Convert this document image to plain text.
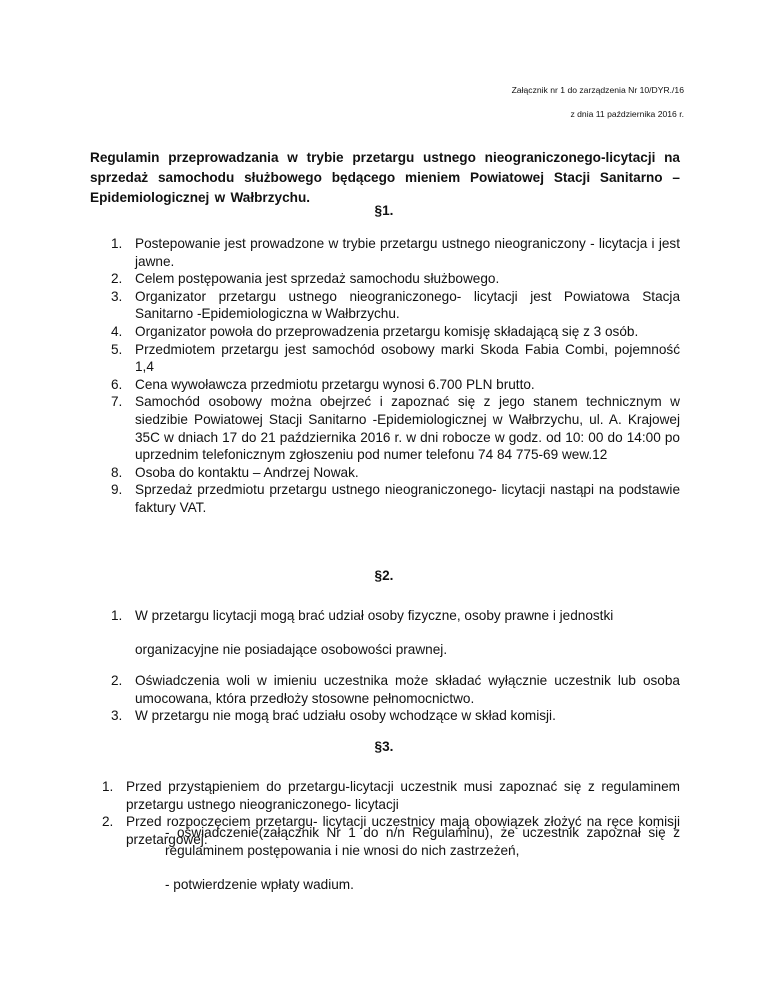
Załącznik nr 1 do zarządzenia Nr 10/DYR./16
z dnia 11 października 2016 r.
Regulamin przeprowadzania w trybie przetargu ustnego nieograniczonego-licytacji na sprzedaż samochodu służbowego będącego mieniem Powiatowej Stacji Sanitarno – Epidemiologicznej w Wałbrzychu.
§1.
1. Postepowanie jest prowadzone w trybie przetargu ustnego nieograniczony - licytacja i jest jawne.
2. Celem postępowania jest sprzedaż samochodu służbowego.
3. Organizator przetargu ustnego nieograniczonego- licytacji jest Powiatowa Stacja Sanitarno -Epidemiologiczna w Wałbrzychu.
4. Organizator powoła do przeprowadzenia przetargu komisję składającą się z 3 osób.
5. Przedmiotem przetargu jest samochód osobowy marki Skoda Fabia Combi, pojemność 1,4
6. Cena wywoławcza przedmiotu przetargu wynosi 6.700 PLN brutto.
7. Samochód osobowy można obejrzeć i zapoznać się z jego stanem technicznym w siedzibie Powiatowej Stacji Sanitarno -Epidemiologicznej w Wałbrzychu, ul. A. Krajowej 35C w dniach 17 do 21 października 2016 r. w dni robocze w godz. od 10: 00 do 14:00 po uprzednim telefonicznym zgłoszeniu pod numer telefonu 74 84 775-69 wew.12
8. Osoba do kontaktu – Andrzej Nowak.
9. Sprzedaż przedmiotu przetargu ustnego nieograniczonego- licytacji nastąpi na podstawie faktury VAT.
§2.
1. W przetargu licytacji mogą brać udział osoby fizyczne, osoby prawne i jednostki
organizacyjne nie posiadające osobowości prawnej.
2. Oświadczenia woli w imieniu uczestnika może składać wyłącznie uczestnik lub osoba umocowana, która przedłoży stosowne pełnomocnictwo.
3. W przetargu nie mogą brać udziału osoby wchodzące w skład komisji.
§3.
1. Przed przystąpieniem do przetargu-licytacji uczestnik musi zapoznać się z regulaminem przetargu ustnego nieograniczonego- licytacji
2. Przed rozpoczęciem przetargu- licytacji uczestnicy mają obowiązek złożyć na ręce komisji przetargowej:
- oświadczenie(załącznik Nr 1 do n/n Regulaminu), że uczestnik zapoznał się z regulaminem postępowania i nie wnosi do nich zastrzeżeń,
- potwierdzenie wpłaty wadium.
